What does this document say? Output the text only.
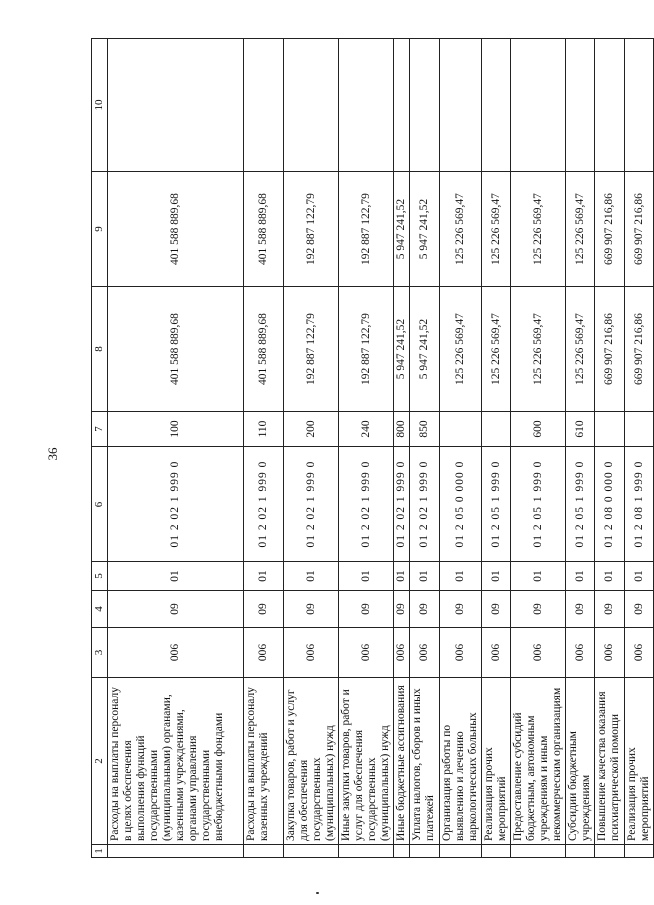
36
1	2	3	4	5	6	7	8	9	10
	Расходы на выплаты персоналу в целях обеспечения выполнения функций государственными (муниципальными) органами, казенными учреждениями, органами управления государственными внебюджетными фондами	006	09	01	01 2 02 1 999 0	100	401 588 889,68	401 588 889,68	
	Расходы на выплаты персоналу казенных учреждений	006	09	01	01 2 02 1 999 0	110	401 588 889,68	401 588 889,68	
	Закупка товаров, работ и услуг для обеспечения государственных (муниципальных) нужд	006	09	01	01 2 02 1 999 0	200	192 887 122,79	192 887 122,79	
	Иные закупки товаров, работ и услуг для обеспечения государственных (муниципальных) нужд	006	09	01	01 2 02 1 999 0	240	192 887 122,79	192 887 122,79	
	Иные бюджетные ассигнования	006	09	01	01 2 02 1 999 0	800	5 947 241,52	5 947 241,52	
	Уплата налогов, сборов и иных платежей	006	09	01	01 2 02 1 999 0	850	5 947 241,52	5 947 241,52	
	Организация работы по выявлению и лечению наркологических больных	006	09	01	01 2 05 0 000 0		125 226 569,47	125 226 569,47	
	Реализация прочих мероприятий	006	09	01	01 2 05 1 999 0		125 226 569,47	125 226 569,47	
	Предоставление субсидий бюджетным, автономным учреждениям и иным некоммерческим организациям	006	09	01	01 2 05 1 999 0	600	125 226 569,47	125 226 569,47	
	Субсидии бюджетным учреждениям	006	09	01	01 2 05 1 999 0	610	125 226 569,47	125 226 569,47	
	Повышение качества оказания психиатрической помощи	006	09	01	01 2 08 0 000 0		669 907 216,86	669 907 216,86	
	Реализация прочих мероприятий	006	09	01	01 2 08 1 999 0		669 907 216,86	669 907 216,86	
